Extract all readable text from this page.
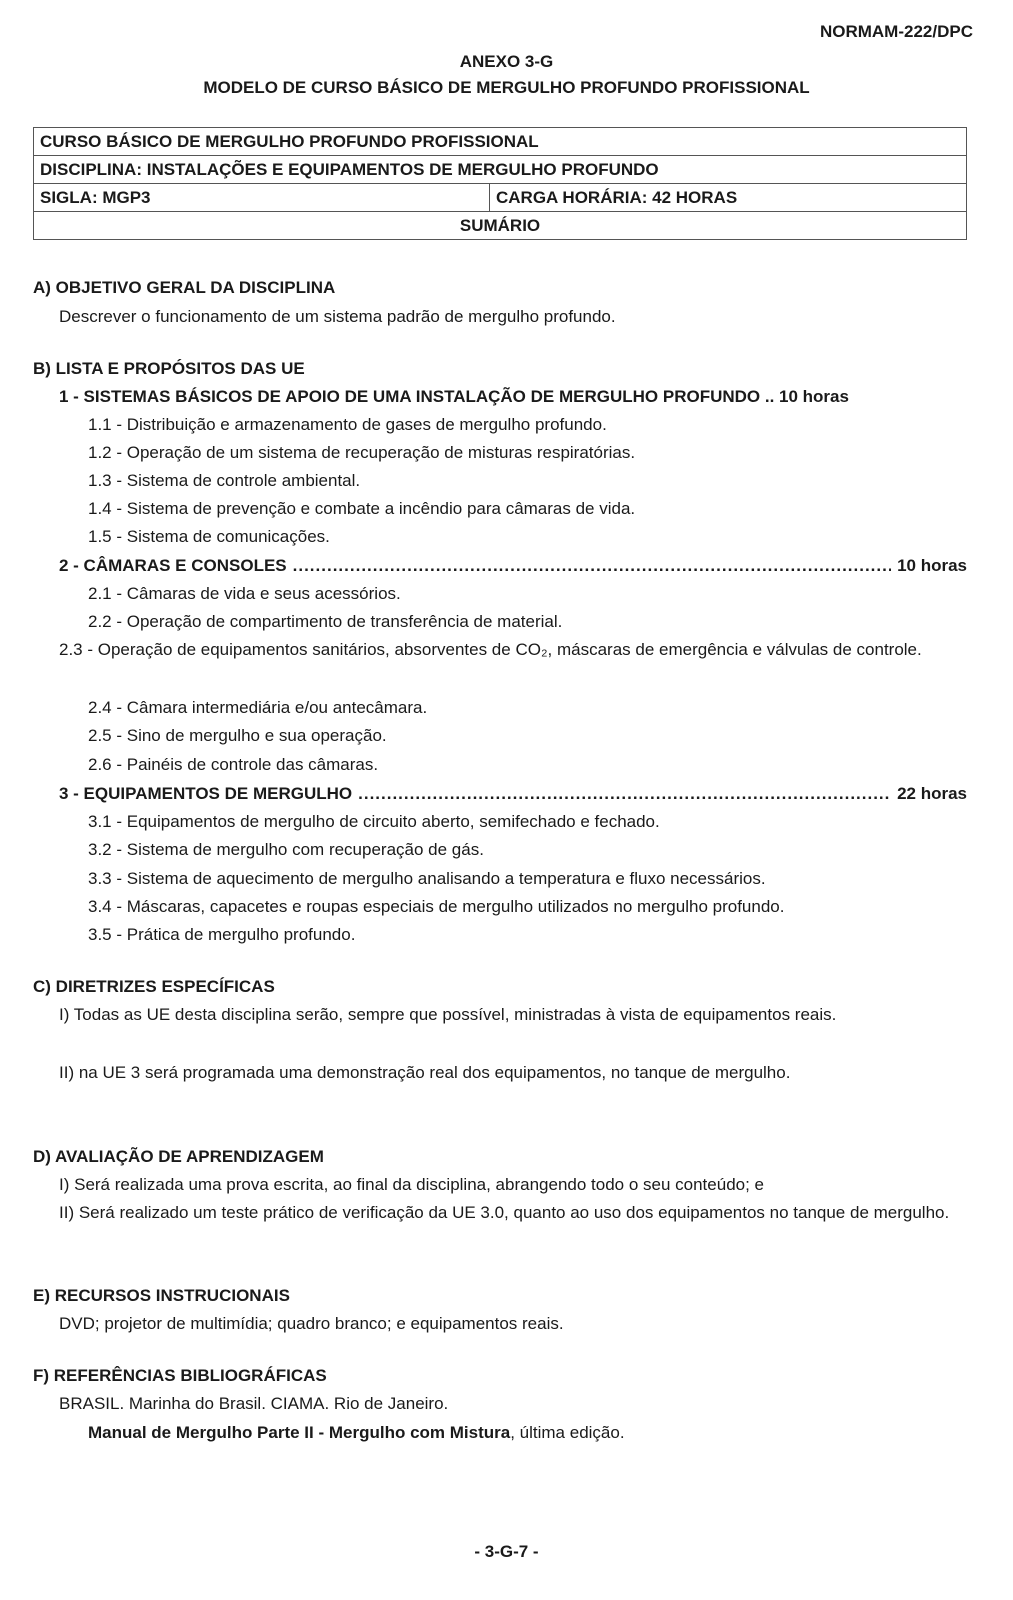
NORMAM-222/DPC
ANEXO 3-G
MODELO DE CURSO BÁSICO DE MERGULHO PROFUNDO PROFISSIONAL
CURSO BÁSICO DE MERGULHO PROFUNDO PROFISSIONAL
DISCIPLINA: INSTALAÇÕES E EQUIPAMENTOS DE MERGULHO PROFUNDO
SIGLA: MGP3	CARGA HORÁRIA: 42 HORAS
SUMÁRIO
A) OBJETIVO GERAL DA DISCIPLINA
Descrever o funcionamento de um sistema padrão de mergulho profundo.
B) LISTA E PROPÓSITOS DAS UE
1 - SISTEMAS BÁSICOS DE APOIO DE UMA INSTALAÇÃO DE MERGULHO PROFUNDO .. 10 horas
1.1 - Distribuição e armazenamento de gases de mergulho profundo.
1.2 - Operação de um sistema de recuperação de misturas respiratórias.
1.3 - Sistema de controle ambiental.
1.4 - Sistema de prevenção e combate a incêndio para câmaras de vida.
1.5 - Sistema de comunicações.
2 - CÂMARAS E CONSOLES .....	10 horas
2.1 - Câmaras de vida e seus acessórios.
2.2 - Operação de compartimento de transferência de material.

2.3 - Operação de equipamentos sanitários, absorventes de CO₂, máscaras de emergência e válvulas de controle.

2.4 - Câmara intermediária e/ou antecâmara.
2.5 - Sino de mergulho e sua operação.
2.6 - Painéis de controle das câmaras.
3 - EQUIPAMENTOS DE MERGULHO .....	22 horas
3.1 - Equipamentos de mergulho de circuito aberto, semifechado e fechado.
3.2 - Sistema de mergulho com recuperação de gás.
3.3 - Sistema de aquecimento de mergulho analisando a temperatura e fluxo necessários.
3.4 - Máscaras, capacetes e roupas especiais de mergulho utilizados no mergulho profundo.
3.5 - Prática de mergulho profundo.
C) DIRETRIZES ESPECÍFICAS

I) Todas as UE desta disciplina serão, sempre que possível, ministradas à vista de equipamentos reais.

II) na UE 3 será programada uma demonstração real dos equipamentos, no tanque de mergulho.

D) AVALIAÇÃO DE APRENDIZAGEM
I) Será realizada uma prova escrita, ao final da disciplina, abrangendo todo o seu conteúdo; e

II) Será realizado um teste prático de verificação da UE 3.0, quanto ao uso dos equipamentos no tanque de mergulho.

E) RECURSOS INSTRUCIONAIS
DVD; projetor de multimídia; quadro branco; e equipamentos reais.
F) REFERÊNCIAS BIBLIOGRÁFICAS
BRASIL. Marinha do Brasil. CIAMA. Rio de Janeiro.
Manual de Mergulho Parte II - Mergulho com Mistura, última edição.
- 3-G-7 -
